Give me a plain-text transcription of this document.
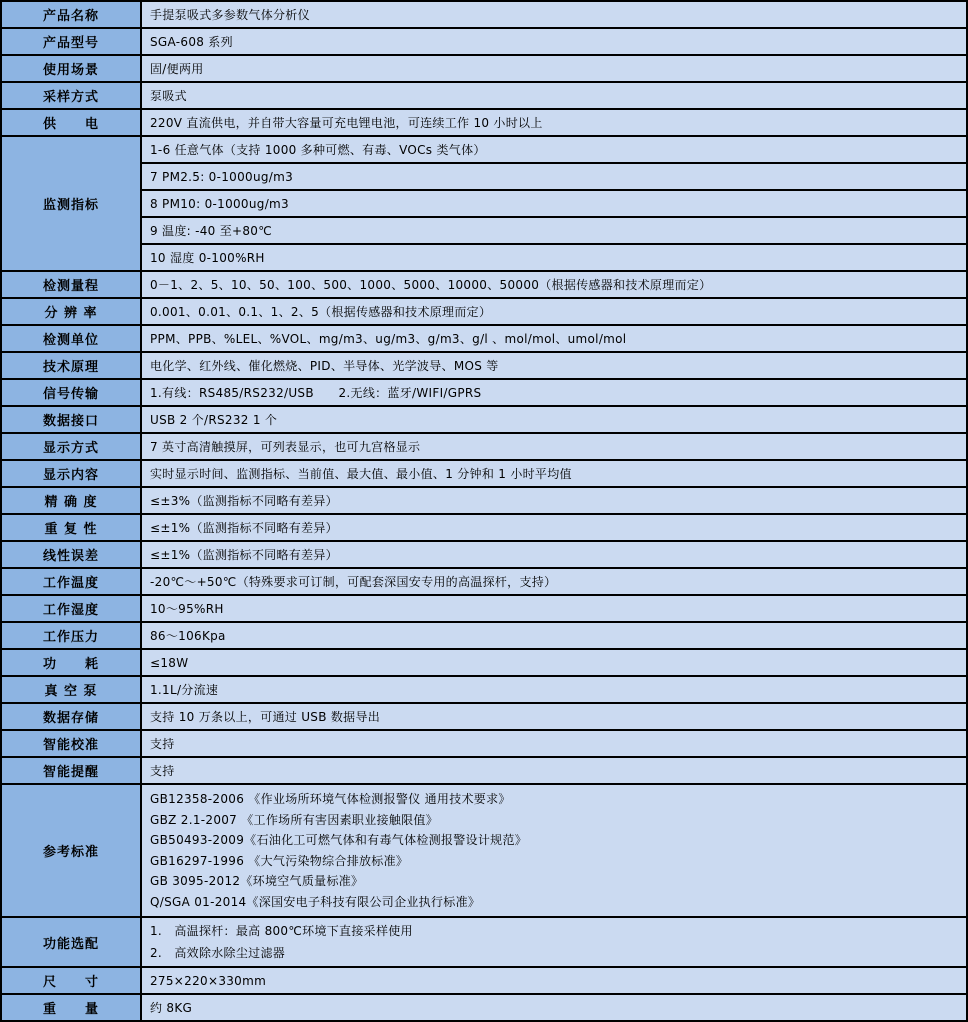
产品名称	手提泵吸式多参数气体分析仪
产品型号	SGA-608 系列
使用场景	固/便两用
采样方式	泵吸式
供　　电	220V 直流供电，并自带大容量可充电锂电池，可连续工作 10 小时以上
监测指标	1-6 任意气体（支持 1000 多种可燃、有毒、VOCs 类气体）
	7 PM2.5: 0-1000ug/m3
	8 PM10: 0-1000ug/m3
	9 温度: -40 至+80℃
	10 湿度 0-100%RH
检测量程	0－1、2、5、10、50、100、500、1000、5000、10000、50000（根据传感器和技术原理而定）
分 辨 率	0.001、0.01、0.1、1、2、5（根据传感器和技术原理而定）
检测单位	PPM、PPB、%LEL、%VOL、mg/m3、ug/m3、g/m3、g/l 、mol/mol、umol/mol
技术原理	电化学、红外线、催化燃烧、PID、半导体、光学波导、MOS 等
信号传输	1.有线：RS485/RS232/USB　　2.无线：蓝牙/WIFI/GPRS
数据接口	USB 2 个/RS232 1 个
显示方式	7 英寸高清触摸屏，可列表显示，也可九宫格显示
显示内容	实时显示时间、监测指标、当前值、最大值、最小值、1 分钟和 1 小时平均值
精 确 度	≤±3%（监测指标不同略有差异）
重 复 性	≤±1%（监测指标不同略有差异）
线性误差	≤±1%（监测指标不同略有差异）
工作温度	-20℃～+50℃（特殊要求可订制，可配套深国安专用的高温探杆，支持）
工作湿度	10～95%RH
工作压力	86～106Kpa
功　　耗	≤18W
真 空 泵	1.1L/分流速
数据存储	支持 10 万条以上，可通过 USB 数据导出
智能校准	支持
智能提醒	支持
参考标准	
GB12358-2006 《作业场所环境气体检测报警仪 通用技术要求》
GBZ 2.1-2007 《工作场所有害因素职业接触限值》
GB50493-2009《石油化工可燃气体和有毒气体检测报警设计规范》
GB16297-1996 《大气污染物综合排放标准》
GB 3095-2012《环境空气质量标准》
Q/SGA 01-2014《深国安电子科技有限公司企业执行标准》

功能选配	1.　高温探杆：最高 800℃环境下直接采样使用
2.　高效除水除尘过滤器

尺　　寸	275×220×330mm
重　　量	约 8KG
